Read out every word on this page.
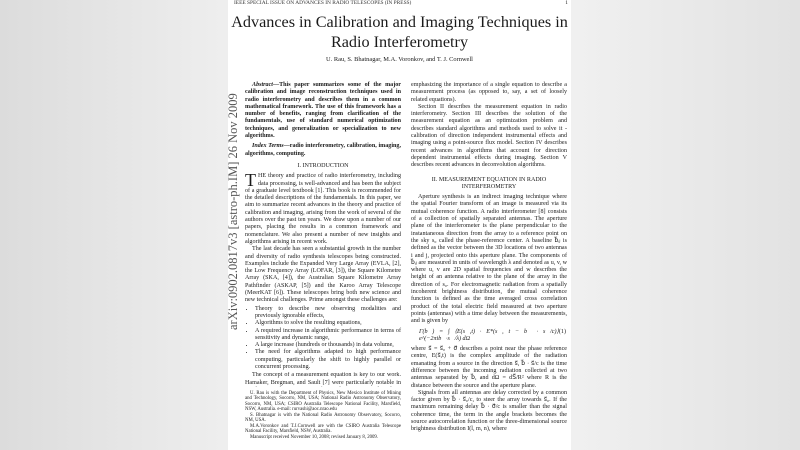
IEEE SPECIAL ISSUE ON ADVANCES IN RADIO TELESCOPES (IN PRESS)	1
Advances in Calibration and Imaging Techniques in Radio Interferometry
U. Rau, S. Bhatnagar, M.A. Voronkov, and T. J. Cornwell
arXiv:0902.0817v3 [astro-ph.IM] 26 Nov 2009

Abstract—This paper summarizes some of the major calibration and image reconstruction techniques used in radio interferometry and describes them in a common mathematical framework. The use of this framework has a number of benefits, ranging from clarification of the fundamentals, use of standard numerical optimization techniques, and generalization or specialization to new algorithms.

Index Terms—radio interferometry, calibration, imaging, algorithms, computing.

I. INTRODUCTION

THE theory and practice of radio interferometry, including data processing, is well-advanced and has been the subject of a graduate level textbook [1]. This book is recommended for the detailed descriptions of the fundamentals. In this paper, we aim to summarize recent advances in the theory and practice of calibration and imaging, arising from the work of several of the authors over the past ten years. We draw upon a number of our papers, placing the results in a common framework and nomenclature. We also present a number of new insights and algorithms arising in recent work.

The last decade has seen a substantial growth in the number and diversity of radio synthesis telescopes being constructed. Examples include the Expanded Very Large Array (EVLA, [2], the Low Frequency Array (LOFAR, [3]), the Square Kilometre Array (SKA, [4]), the Australian Square Kilometre Array Pathfinder (ASKAP, [5]) and the Karoo Array Telescope (MeerKAT [6]). These telescopes bring both new science and new technical challenges. Prime amongst these challenges are:

• Theory to describe new observing modalities and previously ignorable effects,
• Algorithms to solve the resulting equations,
• A required increase in algorithmic performance in terms of sensitivity and dynamic range,
• A large increase (hundreds or thousands) in data volume,
• The need for algorithms adapted to high performance computing, particularly the shift to highly parallel or concurrent processing.

The concept of a measurement equation is key to our work. Hamaker, Bregman, and Sault [7] were particularly notable in

U. Rau is with the Department of Physics, New Mexico Institute of Mining and Technology, Socorro, NM, USA; National Radio Astronomy Observatory, Socorro, NM, USA; CSIRO Australia Telescope National Facility, Marsfield, NSW, Australia. e-mail: rurvashi@aoc.nrao.edu

S. Bhatnagar is with the National Radio Astronomy Observatory, Socorro, NM, USA.

M.A.Voronkov and T.J.Cornwell are with the CSIRO Australia Telescope National Facility, Marsfield, NSW, Australia.

Manuscript received November 10, 2008; revised January 8, 2009.

emphasizing the importance of a single equation to describe a measurement process (as opposed to, say, a set of loosely related equations).

Section II describes the measurement equation in radio interferometry. Section III describes the solution of the measurement equation as an optimization problem and describes standard algorithms and methods used to solve it - calibration of direction independent instrumental effects and imaging using a point-source flux model. Section IV describes recent advances in algorithms that account for direction dependent instrumental effects during imaging. Section V describes recent advances in deconvolution algorithms.

II. MEASUREMENT EQUATION IN RADIO INTERFEROMETRY

Aperture synthesis is an indirect imaging technique where the spatial Fourier transform of an image is measured via its mutual coherence function. A radio interferometer [8] consists of a collection of spatially separated antennas. The aperture plane of the interferometer is the plane perpendicular to the instantaneous direction from the array to a reference point on the sky s₀ called the phase-reference center. A baseline b⃗ᵢⱼ is defined as the vector between the 3D locations of two antennas i and j, projected onto this aperture plane. The components of b⃗ᵢⱼ are measured in units of wavelength λ and denoted as u, v, w where u, v are 2D spatial frequencies and w describes the height of an antenna relative to the plane of the array in the direction of s₀. For electromagnetic radiation from a spatially incoherent brightness distribution, the mutual coherence function is defined as the time averaged cross correlation product of the total electric field measured at two aperture points (antennas) with a time delay between the measurements, and is given by

Γ(b⃗) = ∫ ⟨E(s⃗,t) · E*(s⃗, t − b⃗ · s⃗/c)⟩ e^(−2πib⃗·s⃗/λ) dΩ
(1)

where s⃗ = s⃗₀ + σ⃗ describes a point near the phase reference centre, E(s⃗,t) is the complex amplitude of the radiation emanating from a source in the direction s⃗, b⃗ · s⃗/c is the time difference between the incoming radiation collected at two antennas separated by b⃗, and dΩ = dS⃗/R² where R is the distance between the source and the aperture plane.

Signals from all antennas are delay corrected by a common factor given by b⃗ · s⃗₀/c, to steer the array towards s⃗₀. If the maximum remaining delay b⃗ · σ⃗/c is smaller than the signal coherence time, the term in the angle brackets becomes the source autocorrelation function or the three-dimensional source brightness distribution I(l, m, n), where
